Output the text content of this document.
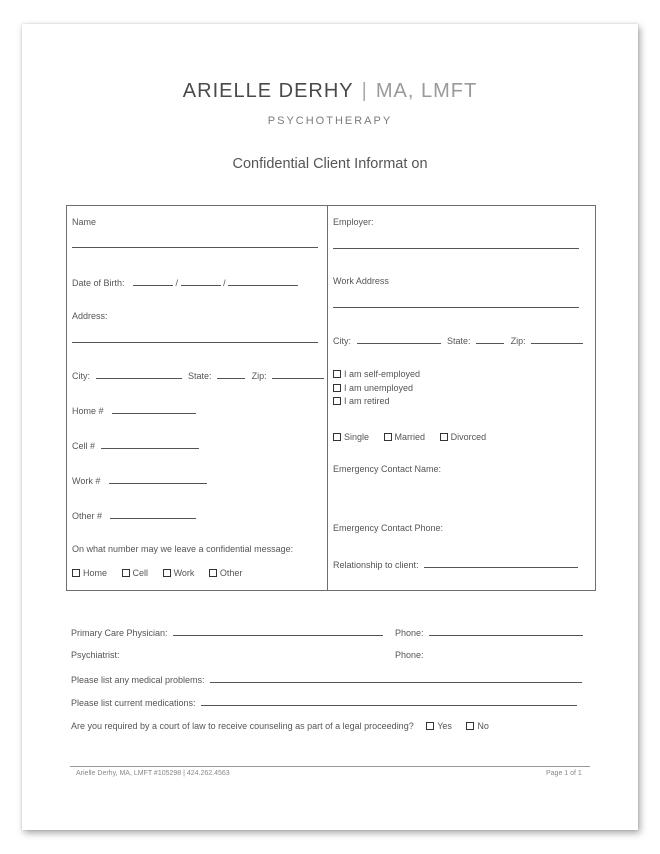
ARIELLE DERHY | MA, LMFT
PSYCHOTHERAPY
Confidential Client Informat on
Name
Date of Birth:	/	/
Address:
City:	State:	Zip:
Home #
Cell #
Work #
Other #
On what number may we leave a confidential message:
Home	Cell	Work	Other
Employer:
Work Address
City:	State:	Zip:
I am self-employed
I am unemployed
I am retired
Single	Married	Divorced
Emergency Contact Name:
Emergency Contact Phone:
Relationship to client:
Primary Care Physician:	Phone:
Psychiatrist:	Phone:
Please list any medical problems:
Please list current medications:
Are you required by a court of law to receive counseling as part of a legal proceeding?	Yes	No
Arielle Derhy, MA, LMFT #105298 | 424.262.4563	Page 1 of 1
